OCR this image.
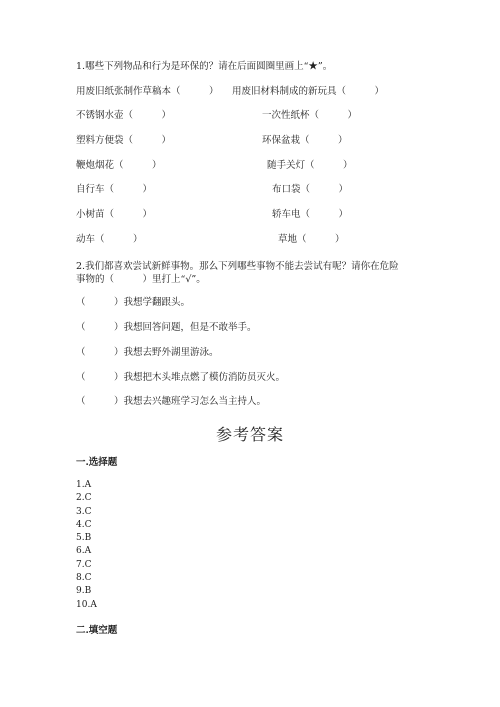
1.哪些下列物品和行为是环保的？请在后面圆圈里画上“★”。
用废旧纸张制作草稿本（　　　） 用废旧材料制成的新玩具（　　　）
不锈钢水壶（　　　）	一次性纸杯（　　　）
塑料方便袋（　　　）	环保盆栽（　　　）
鞭炮烟花（　　　）	随手关灯（　　　）
自行车（　　　）	布口袋（　　　）
小树苗（　　　）	轿车电（　　　）
动车（　　　）	草地（　　　）
2.我们都喜欢尝试新鲜事物。那么下列哪些事物不能去尝试有呢？请你在危险
事物的（　　　）里打上“√”。
（　　　）我想学翻跟头。
（　　　）我想回答问题，但是不敢举手。
（　　　）我想去野外湖里游泳。
（　　　）我想把木头堆点燃了模仿消防员灭火。
（　　　）我想去兴趣班学习怎么当主持人。
参考答案
一.选择题
1.A
2.C
3.C
4.C
5.B
6.A
7.C
8.C
9.B
10.A
二.填空题
